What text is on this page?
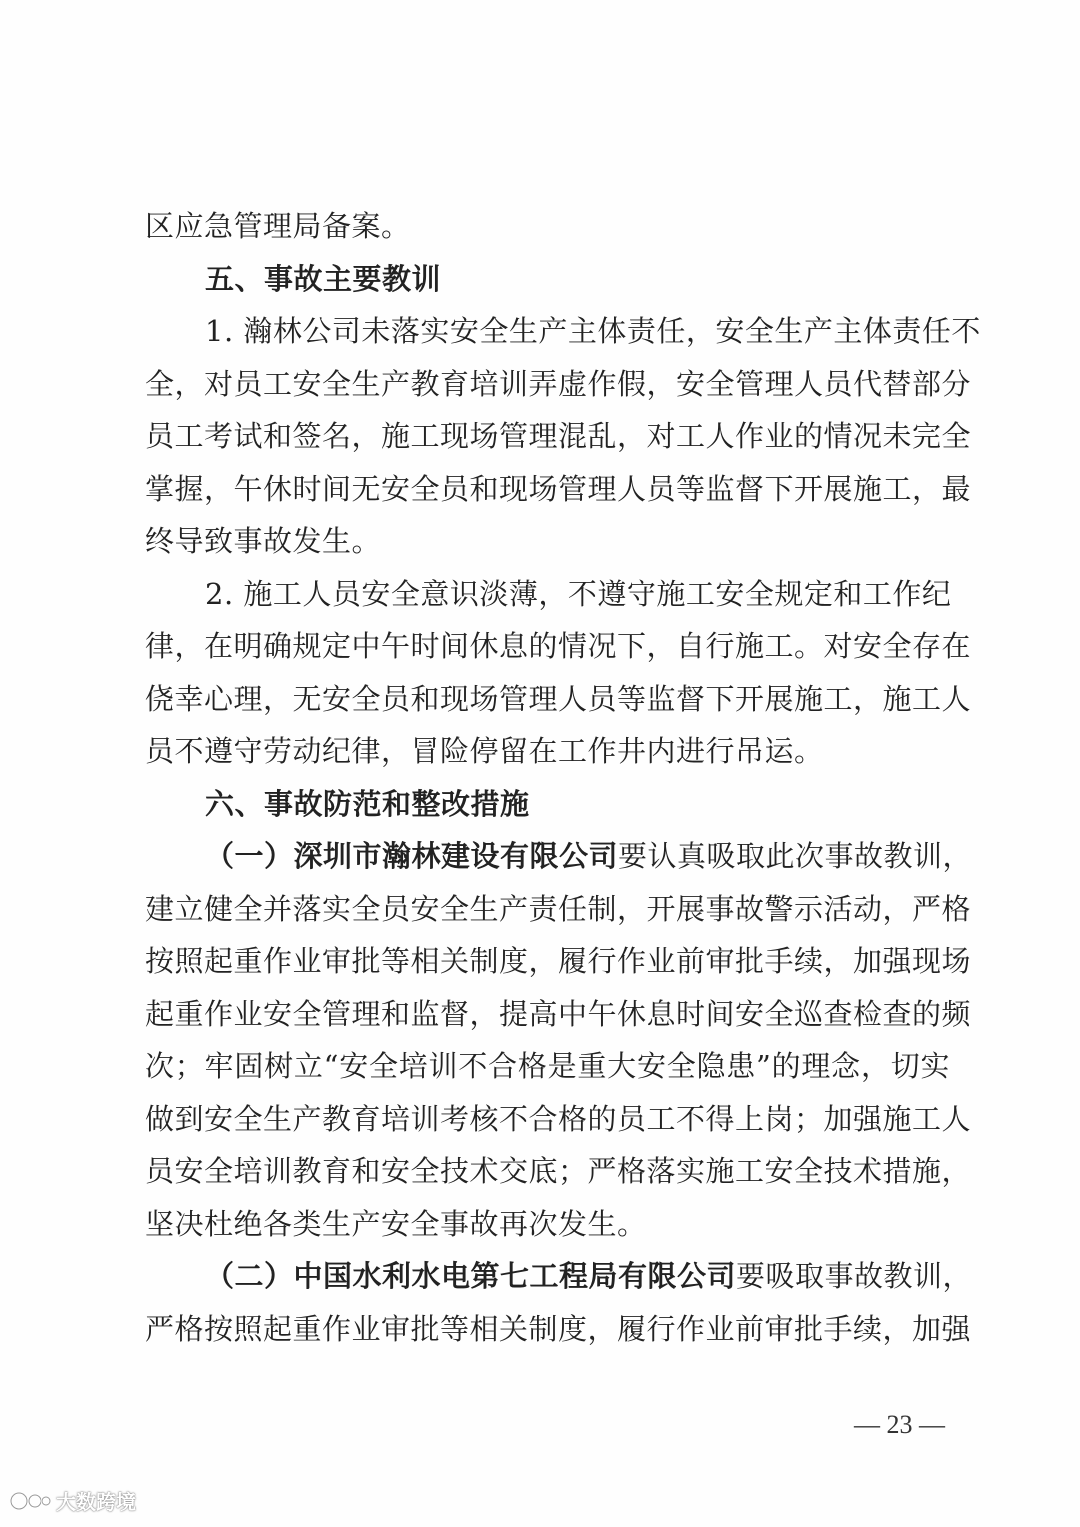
区应急管理局备案。
五、事故主要教训
1. 瀚林公司未落实安全生产主体责任，安全生产主体责任不
全，对员工安全生产教育培训弄虚作假，安全管理人员代替部分
员工考试和签名，施工现场管理混乱，对工人作业的情况未完全
掌握，午休时间无安全员和现场管理人员等监督下开展施工，最
终导致事故发生。
2. 施工人员安全意识淡薄，不遵守施工安全规定和工作纪
律，在明确规定中午时间休息的情况下，自行施工。对安全存在
侥幸心理，无安全员和现场管理人员等监督下开展施工，施工人
员不遵守劳动纪律，冒险停留在工作井内进行吊运。
六、事故防范和整改措施
（一）深圳市瀚林建设有限公司要认真吸取此次事故教训，
建立健全并落实全员安全生产责任制，开展事故警示活动，严格
按照起重作业审批等相关制度，履行作业前审批手续，加强现场
起重作业安全管理和监督，提高中午休息时间安全巡查检查的频
次；牢固树立“安全培训不合格是重大安全隐患”的理念，切实
做到安全生产教育培训考核不合格的员工不得上岗；加强施工人
员安全培训教育和安全技术交底；严格落实施工安全技术措施，
坚决杜绝各类生产安全事故再次发生。
（二）中国水利水电第七工程局有限公司要吸取事故教训，
严格按照起重作业审批等相关制度，履行作业前审批手续，加强
— 23 —
大数跨境
